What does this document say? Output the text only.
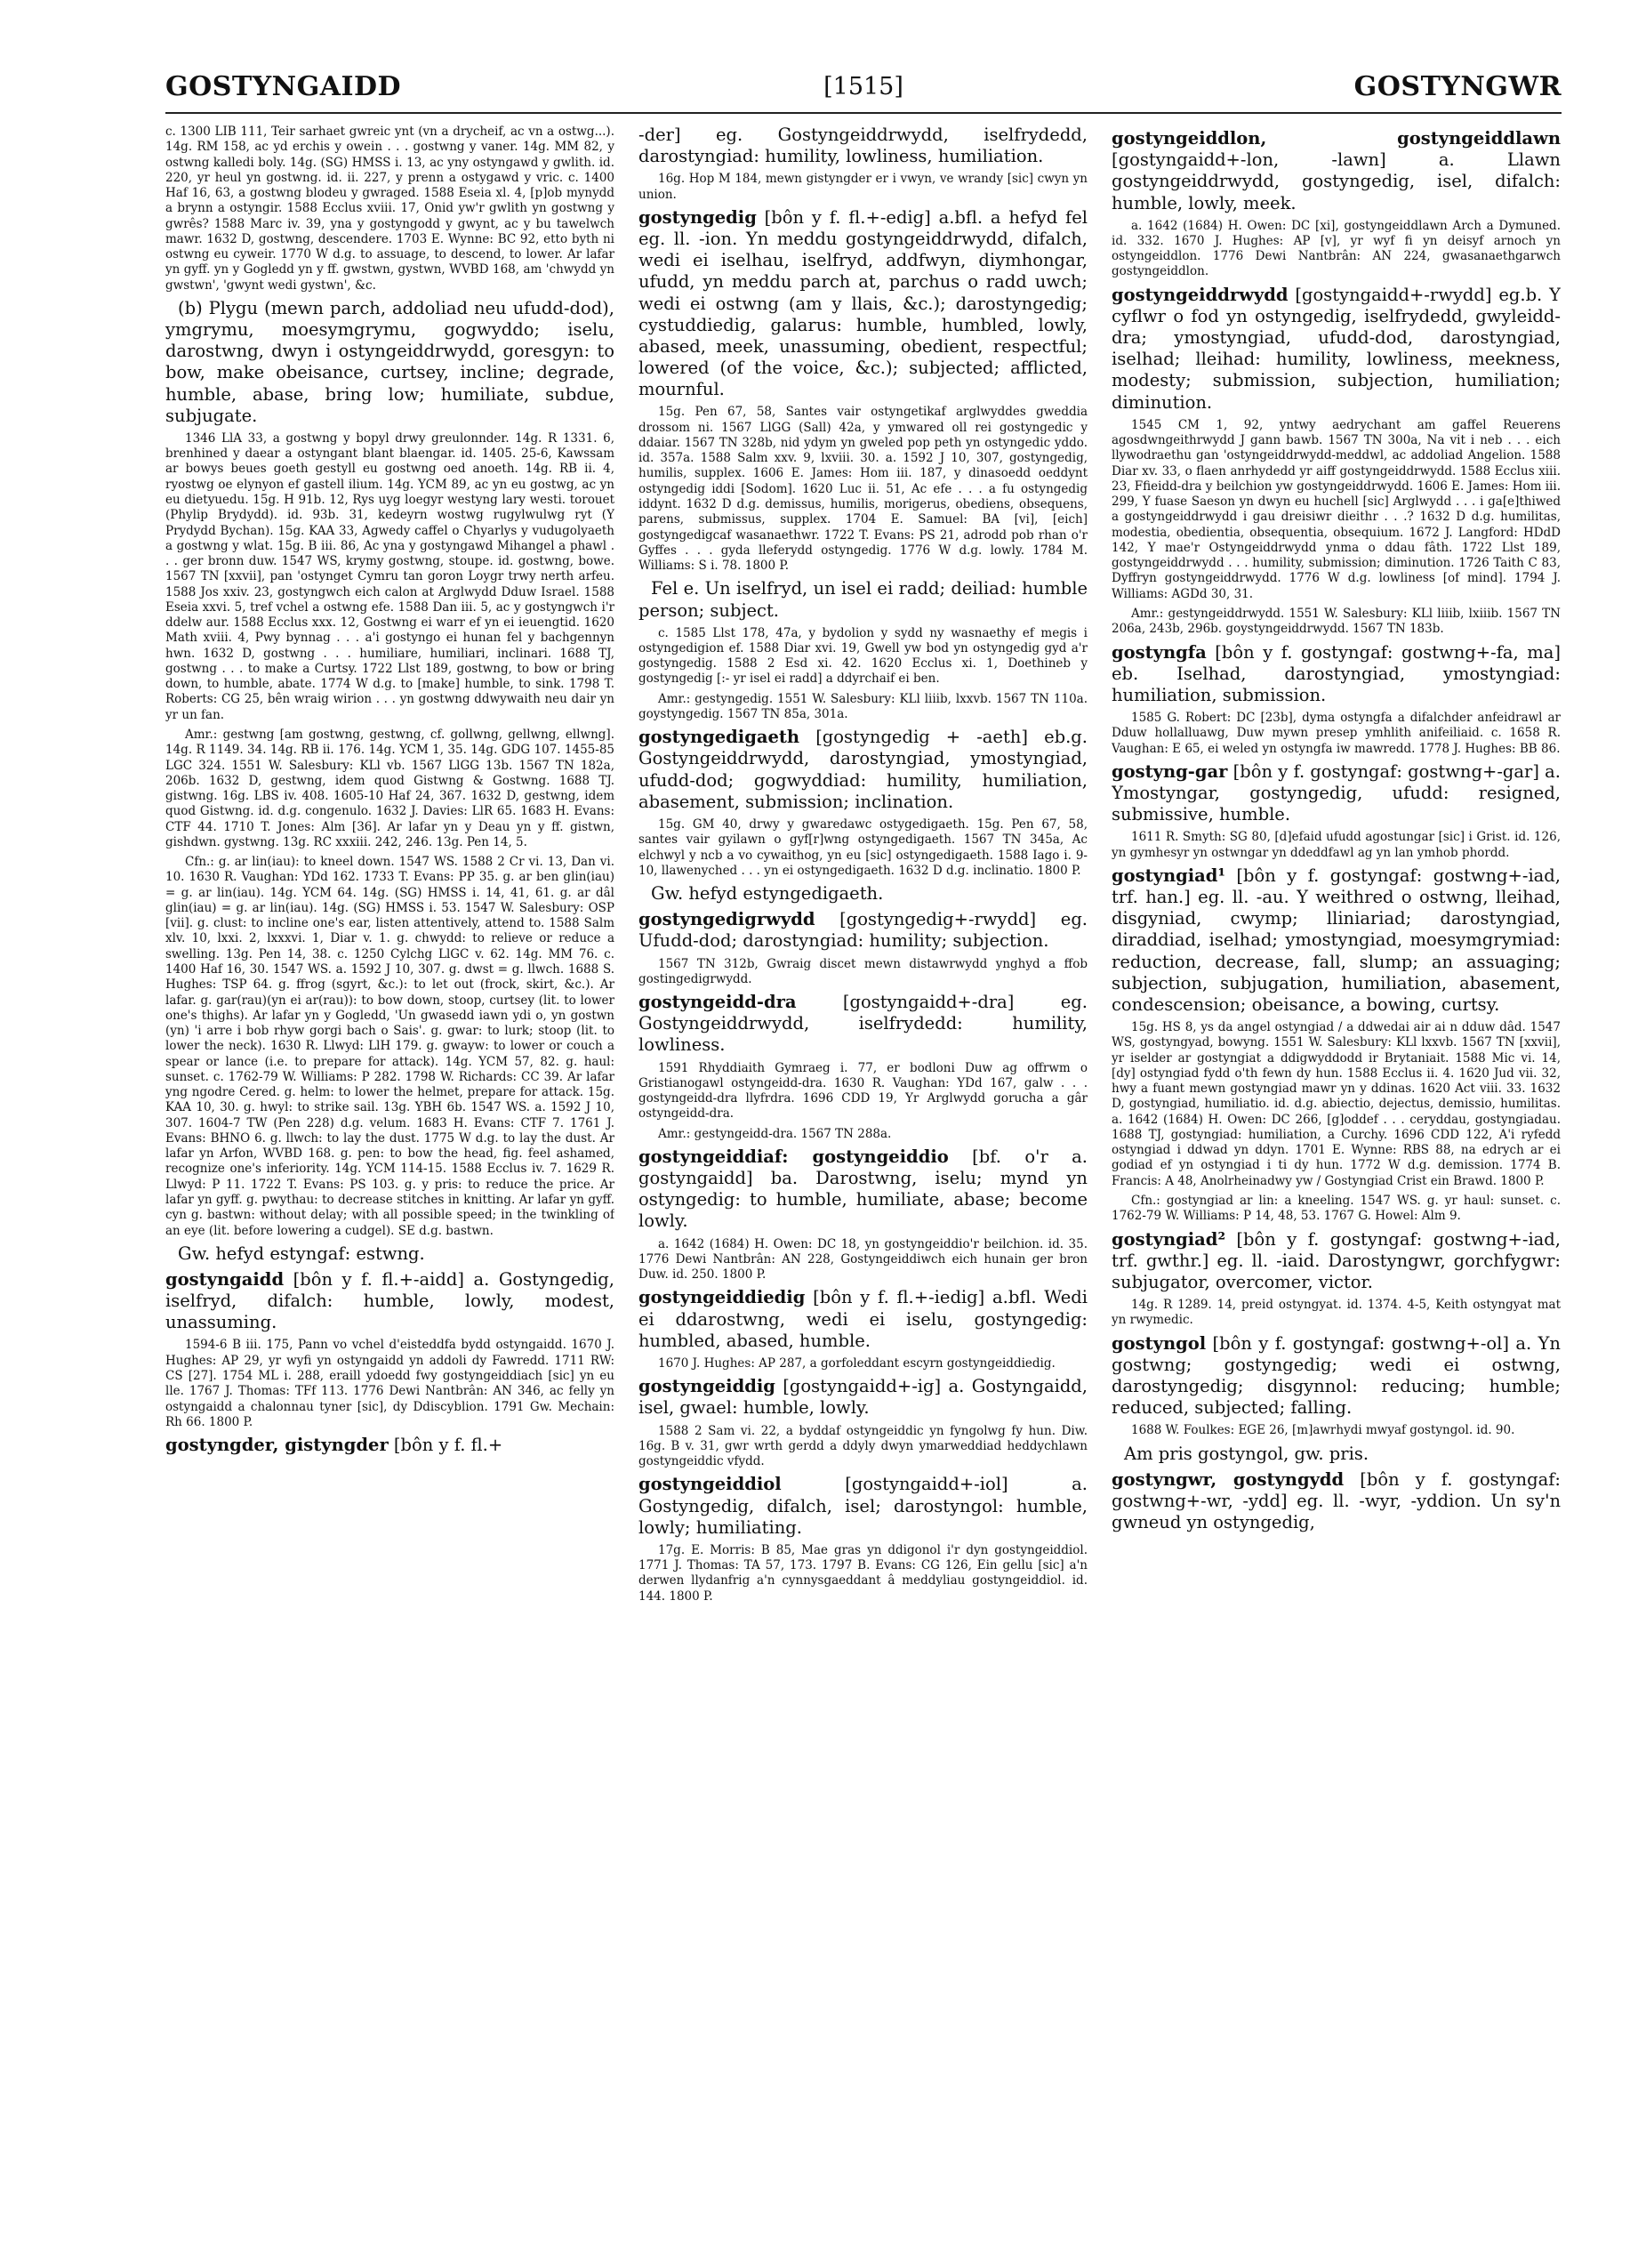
GOSTYNGAIDD	[1515]	GOSTYNGWR

c. 1300 LIB 111, Teir sarhaet gwreic ynt (vn a drycheif, ac vn a ostwg...). 14g. RM 158, ac yd erchis y owein . . . gostwng y vaner. 14g. MM 82, y ostwng kalledi boly. 14g. (SG) HMSS i. 13, ac yny ostyngawd y gwlith. id. 220, yr heul yn gostwng. id. ii. 227, y prenn a ostygawd y vric. c. 1400 Haf 16, 63, a gostwng blodeu y gwraged. 1588 Eseia xl. 4, [p]ob mynydd a brynn a ostyngir. 1588 Ecclus xviii. 17, Onid yw'r gwlith yn gostwng y gwrês? 1588 Marc iv. 39, yna y gostyngodd y gwynt, ac y bu tawelwch mawr. 1632 D, gostwng, descendere. 1703 E. Wynne: BC 92, etto byth ni ostwng eu cyweir. 1770 W d.g. to assuage, to descend, to lower. Ar lafar yn gyff. yn y Gogledd yn y ff. gwstwn, gystwn, WVBD 168, am 'chwydd yn gwstwn', 'gwynt wedi gystwn', &c.

(b) Plygu (mewn parch, addoliad neu ufudd-dod), ymgrymu, moesymgrymu, gogwyddo; iselu, darostwng, dwyn i ostyngeiddrwydd, goresgyn: to bow, make obeisance, curtsey, incline; degrade, humble, abase, bring low; humiliate, subdue, subjugate.

1346 LlA 33, a gostwng y bopyl drwy greulonnder. 14g. R 1331. 6, brenhined y daear a ostyngant blant blaengar. id. 1405. 25-6, Kawssam ar bowys beues goeth gestyll eu gostwng oed anoeth. 14g. RB ii. 4, ryostwg oe elynyon ef gastell ilium. 14g. YCM 89, ac yn eu gostwg, ac yn eu dietyuedu. 15g. H 91b. 12, Rys uyg loegyr westyng lary westi. torouet (Phylip Brydydd). id. 93b. 31, kedeyrn wostwg rugylwulwg ryt (Y Prydydd Bychan). 15g. KAA 33, Agwedy caffel o Chyarlys y vudugolyaeth a gostwng y wlat. 15g. B iii. 86, Ac yna y gostyngawd Mihangel a phawl . . . ger bronn duw. 1547 WS, krymy gostwng, stoupe. id. gostwng, bowe. 1567 TN [xxvii], pan 'ostynget Cymru tan goron Loygr trwy nerth arfeu. 1588 Jos xxiv. 23, gostyngwch eich calon at Arglwydd Dduw Israel. 1588 Eseia xxvi. 5, tref vchel a ostwng efe. 1588 Dan iii. 5, ac y gostyngwch i'r ddelw aur. 1588 Ecclus xxx. 12, Gostwng ei warr ef yn ei ieuengtid. 1620 Math xviii. 4, Pwy bynnag . . . a'i gostyngo ei hunan fel y bachgennyn hwn. 1632 D, gostwng . . . humiliare, humiliari, inclinari. 1688 TJ, gostwng . . . to make a Curtsy. 1722 Llst 189, gostwng, to bow or bring down, to humble, abate. 1774 W d.g. to [make] humble, to sink. 1798 T. Roberts: CG 25, bên wraig wirion . . . yn gostwng ddwywaith neu dair yn yr un fan.

Amr.: gestwng [am gostwng, gestwng, cf. gollwng, gellwng, ellwng]. 14g. R 1149. 34. 14g. RB ii. 176. 14g. YCM 1, 35. 14g. GDG 107. 1455-85 LGC 324. 1551 W. Salesbury: KLl vb. 1567 LlGG 13b. 1567 TN 182a, 206b. 1632 D, gestwng, idem quod Gistwng & Gostwng. 1688 TJ. gistwng. 16g. LBS iv. 408. 1605-10 Haf 24, 367. 1632 D, gestwng, idem quod Gistwng. id. d.g. congenulo. 1632 J. Davies: LlR 65. 1683 H. Evans: CTF 44. 1710 T. Jones: Alm [36]. Ar lafar yn y Deau yn y ff. gistwn, gishdwn. gystwng. 13g. RC xxxiii. 242, 246. 13g. Pen 14, 5.

Cfn.: g. ar lin(iau): to kneel down. 1547 WS. 1588 2 Cr vi. 13, Dan vi. 10. 1630 R. Vaughan: YDd 162. 1733 T. Evans: PP 35. g. ar ben glin(iau) = g. ar lin(iau). 14g. YCM 64. 14g. (SG) HMSS i. 14, 41, 61. g. ar dâl glin(iau) = g. ar lin(iau). 14g. (SG) HMSS i. 53. 1547 W. Salesbury: OSP [vii]. g. clust: to incline one's ear, listen attentively, attend to. 1588 Salm xlv. 10, lxxi. 2, lxxxvi. 1, Diar v. 1. g. chwydd: to relieve or reduce a swelling. 13g. Pen 14, 38. c. 1250 Cylchg LlGC v. 62. 14g. MM 76. c. 1400 Haf 16, 30. 1547 WS. a. 1592 J 10, 307. g. dwst = g. llwch. 1688 S. Hughes: TSP 64. g. ffrog (sgyrt, &c.): to let out (frock, skirt, &c.). Ar lafar. g. gar(rau)(yn ei ar(rau)): to bow down, stoop, curtsey (lit. to lower one's thighs). Ar lafar yn y Gogledd, 'Un gwasedd iawn ydi o, yn gostwn (yn) 'i arre i bob rhyw gorgi bach o Sais'. g. gwar: to lurk; stoop (lit. to lower the neck). 1630 R. Llwyd: LlH 179. g. gwayw: to lower or couch a spear or lance (i.e. to prepare for attack). 14g. YCM 57, 82. g. haul: sunset. c. 1762-79 W. Williams: P 282. 1798 W. Richards: CC 39. Ar lafar yng ngodre Cered. g. helm: to lower the helmet, prepare for attack. 15g. KAA 10, 30. g. hwyl: to strike sail. 13g. YBH 6b. 1547 WS. a. 1592 J 10, 307. 1604-7 TW (Pen 228) d.g. velum. 1683 H. Evans: CTF 7. 1761 J. Evans: BHNO 6. g. llwch: to lay the dust. 1775 W d.g. to lay the dust. Ar lafar yn Arfon, WVBD 168. g. pen: to bow the head, fig. feel ashamed, recognize one's inferiority. 14g. YCM 114-15. 1588 Ecclus iv. 7. 1629 R. Llwyd: P 11. 1722 T. Evans: PS 103. g. y pris: to reduce the price. Ar lafar yn gyff. g. pwythau: to decrease stitches in knitting. Ar lafar yn gyff. cyn g. bastwn: without delay; with all possible speed; in the twinkling of an eye (lit. before lowering a cudgel). SE d.g. bastwn.

Gw. hefyd estyngaf: estwng.

gostyngaidd [bôn y f. fl.+-aidd] a. Gostyngedig, iselfryd, difalch: humble, lowly, modest, unassuming.

1594-6 B iii. 175, Pann vo vchel d'eisteddfa bydd ostyngaidd. 1670 J. Hughes: AP 29, yr wyfi yn ostyngaidd yn addoli dy Fawredd. 1711 RW: CS [27]. 1754 ML i. 288, eraill ydoedd fwy gostyngeiddiach [sic] yn eu lle. 1767 J. Thomas: TFf 113. 1776 Dewi Nantbrân: AN 346, ac felly yn ostyngaidd a chalonnau tyner [sic], dy Ddiscyblion. 1791 Gw. Mechain: Rh 66. 1800 P.

gostyngder, gistyngder [bôn y f. fl.+

-der] eg. Gostyngeiddrwydd, iselfrydedd, darostyngiad: humility, lowliness, humiliation.

16g. Hop M 184, mewn gistyngder er i vwyn, ve wrandy [sic] cwyn yn union.

gostyngedig [bôn y f. fl.+-edig] a.bfl. a hefyd fel eg. ll. -ion. Yn meddu gostyngeiddrwydd, difalch, wedi ei iselhau, iselfryd, addfwyn, diymhongar, ufudd, yn meddu parch at, parchus o radd uwch; wedi ei ostwng (am y llais, &c.); darostyngedig; cystuddiedig, galarus: humble, humbled, lowly, abased, meek, unassuming, obedient, respectful; lowered (of the voice, &c.); subjected; afflicted, mournful.

15g. Pen 67, 58, Santes vair ostyngetikaf arglwyddes gweddia drossom ni. 1567 LlGG (Sall) 42a, y ymwared oll rei gostyngedic y ddaiar. 1567 TN 328b, nid ydym yn gweled pop peth yn ostyngedic yddo. id. 357a. 1588 Salm xxv. 9, lxviii. 30. a. 1592 J 10, 307, gostyngedig, humilis, supplex. 1606 E. James: Hom iii. 187, y dinasoedd oeddynt ostyngedig iddi [Sodom]. 1620 Luc ii. 51, Ac efe . . . a fu ostyngedig iddynt. 1632 D d.g. demissus, humilis, morigerus, obediens, obsequens, parens, submissus, supplex. 1704 E. Samuel: BA [vi], [eich] gostyngedigcaf wasanaethwr. 1722 T. Evans: PS 21, adrodd pob rhan o'r Gyffes . . . gyda lleferydd ostyngedig. 1776 W d.g. lowly. 1784 M. Williams: S i. 78. 1800 P.

Fel e. Un iselfryd, un isel ei radd; deiliad: humble person; subject.

c. 1585 Llst 178, 47a, y bydolion y sydd ny wasnaethy ef megis i ostyngedigion ef. 1588 Diar xvi. 19, Gwell yw bod yn ostyngedig gyd a'r gostyngedig. 1588 2 Esd xi. 42. 1620 Ecclus xi. 1, Doethineb y gostyngedig [:- yr isel ei radd] a ddyrchaif ei ben.

Amr.: gestyngedig. 1551 W. Salesbury: KLl liiib, lxxvb. 1567 TN 110a. goystyngedig. 1567 TN 85a, 301a.

gostyngedigaeth [gostyngedig + -aeth] eb.g. Gostyngeiddrwydd, darostyngiad, ymostyngiad, ufudd-dod; gogwyddiad: humility, humiliation, abasement, submission; inclination.

15g. GM 40, drwy y gwaredawc ostygedigaeth. 15g. Pen 67, 58, santes vair gyilawn o gyf[r]wng ostyngedigaeth. 1567 TN 345a, Ac elchwyl y ncb a vo cywaithog, yn eu [sic] ostyngedigaeth. 1588 Iago i. 9-10, llawenyched . . . yn ei ostyngedigaeth. 1632 D d.g. inclinatio. 1800 P.

Gw. hefyd estyngedigaeth.

gostyngedigrwydd [gostyngedig+-rwydd] eg. Ufudd-dod; darostyngiad: humility; subjection.

1567 TN 312b, Gwraig discet mewn distawrwydd ynghyd a ffob gostingedigrwydd.

gostyngeidd-dra [gostyngaidd+-dra] eg. Gostyngeiddrwydd, iselfrydedd: humility, lowliness.

1591 Rhyddiaith Gymraeg i. 77, er bodloni Duw ag offrwm o Gristianogawl ostyngeidd-dra. 1630 R. Vaughan: YDd 167, galw . . . gostyngeidd-dra llyfrdra. 1696 CDD 19, Yr Arglwydd gorucha a gâr ostyngeidd-dra.

Amr.: gestyngeidd-dra. 1567 TN 288a.

gostyngeiddiaf: gostyngeiddio [bf. o'r a. gostyngaidd] ba. Darostwng, iselu; mynd yn ostyngedig: to humble, humiliate, abase; become lowly.

a. 1642 (1684) H. Owen: DC 18, yn gostyngeiddio'r beilchion. id. 35. 1776 Dewi Nantbrân: AN 228, Gostyngeiddiwch eich hunain ger bron Duw. id. 250. 1800 P.

gostyngeiddiedig [bôn y f. fl.+-iedig] a.bfl. Wedi ei ddarostwng, wedi ei iselu, gostyngedig: humbled, abased, humble.

1670 J. Hughes: AP 287, a gorfoleddant escyrn gostyngeiddiedig.

gostyngeiddig [gostyngaidd+-ig] a. Gostyngaidd, isel, gwael: humble, lowly.

1588 2 Sam vi. 22, a byddaf ostyngeiddic yn fyngolwg fy hun. Diw. 16g. B v. 31, gwr wrth gerdd a ddyly dwyn ymarweddiad heddychlawn gostyngeiddic vfydd.

gostyngeiddiol [gostyngaidd+-iol] a. Gostyngedig, difalch, isel; darostyngol: humble, lowly; humiliating.

17g. E. Morris: B 85, Mae gras yn ddigonol i'r dyn gostyngeiddiol. 1771 J. Thomas: TA 57, 173. 1797 B. Evans: CG 126, Ein gellu [sic] a'n derwen llydanfrig a'n cynnysgaeddant â meddyliau gostyngeiddiol. id. 144. 1800 P.

gostyngeiddlon, gostyngeiddlawn [gostyngaidd+-lon, -lawn] a. Llawn gostyngeiddrwydd, gostyngedig, isel, difalch: humble, lowly, meek.

a. 1642 (1684) H. Owen: DC [xi], gostyngeiddlawn Arch a Dymuned. id. 332. 1670 J. Hughes: AP [v], yr wyf fi yn deisyf arnoch yn ostyngeiddlon. 1776 Dewi Nantbrân: AN 224, gwasanaethgarwch gostyngeiddlon.

gostyngeiddrwydd [gostyngaidd+-rwydd] eg.b. Y cyflwr o fod yn ostyngedig, iselfrydedd, gwyleidd-dra; ymostyngiad, ufudd-dod, darostyngiad, iselhad; lleihad: humility, lowliness, meekness, modesty; submission, subjection, humiliation; diminution.

1545 CM 1, 92, yntwy aedrychant am gaffel Reuerens agosdwngeithrwydd J gann bawb. 1567 TN 300a, Na vit i neb . . . eich llywodraethu gan 'ostyngeiddrwydd-meddwl, ac addoliad Angelion. 1588 Diar xv. 33, o flaen anrhydedd yr aiff gostyngeiddrwydd. 1588 Ecclus xiii. 23, Ffieidd-dra y beilchion yw gostyngeiddrwydd. 1606 E. James: Hom iii. 299, Y fuase Saeson yn dwyn eu huchell [sic] Arglwydd . . . i ga[e]thiwed a gostyngeiddrwydd i gau dreisiwr dieithr . . .? 1632 D d.g. humilitas, modestia, obedientia, obsequentia, obsequium. 1672 J. Langford: HDdD 142, Y mae'r Ostyngeiddrwydd ynma o ddau fâth. 1722 Llst 189, gostyngeiddrwydd . . . humility, submission; diminution. 1726 Taith C 83, Dyffryn gostyngeiddrwydd. 1776 W d.g. lowliness [of mind]. 1794 J. Williams: AGDd 30, 31.

Amr.: gestyngeiddrwydd. 1551 W. Salesbury: KLl liiib, lxiiib. 1567 TN 206a, 243b, 296b. goystyngeiddrwydd. 1567 TN 183b.

gostyngfa [bôn y f. gostyngaf: gostwng+-fa, ma] eb. Iselhad, darostyngiad, ymostyngiad: humiliation, submission.

1585 G. Robert: DC [23b], dyma ostyngfa a difalchder anfeidrawl ar Dduw hollalluawg, Duw mywn presep ymhlith anifeiliaid. c. 1658 R. Vaughan: E 65, ei weled yn ostyngfa iw mawredd. 1778 J. Hughes: BB 86.

gostyng-gar [bôn y f. gostyngaf: gostwng+-gar] a. Ymostyngar, gostyngedig, ufudd: resigned, submissive, humble.

1611 R. Smyth: SG 80, [d]efaid ufudd agostungar [sic] i Grist. id. 126, yn gymhesyr yn ostwngar yn ddeddfawl ag yn lan ymhob phordd.

gostyngiad¹ [bôn y f. gostyngaf: gostwng+-iad, trf. han.] eg. ll. -au. Y weithred o ostwng, lleihad, disgyniad, cwymp; lliniariad; darostyngiad, diraddiad, iselhad; ymostyngiad, moesymgrymiad: reduction, decrease, fall, slump; an assuaging; subjection, subjugation, humiliation, abasement, condescension; obeisance, a bowing, curtsy.

15g. HS 8, ys da angel ostyngiad / a ddwedai air ai n dduw dâd. 1547 WS, gostyngyad, bowyng. 1551 W. Salesbury: KLl lxxvb. 1567 TN [xxvii], yr iselder ar gostyngiat a ddigwyddodd ir Brytaniait. 1588 Mic vi. 14, [dy] ostyngiad fydd o'th fewn dy hun. 1588 Ecclus ii. 4. 1620 Jud vii. 32, hwy a fuant mewn gostyngiad mawr yn y ddinas. 1620 Act viii. 33. 1632 D, gostyngiad, humiliatio. id. d.g. abiectio, dejectus, demissio, humilitas. a. 1642 (1684) H. Owen: DC 266, [g]oddef . . . ceryddau, gostyngiadau. 1688 TJ, gostyngiad: humiliation, a Curchy. 1696 CDD 122, A'i ryfedd ostyngiad i ddwad yn ddyn. 1701 E. Wynne: RBS 88, na edrych ar ei godiad ef yn ostyngiad i ti dy hun. 1772 W d.g. demission. 1774 B. Francis: A 48, Anolrheinadwy yw / Gostyngiad Crist ein Brawd. 1800 P.

Cfn.: gostyngiad ar lin: a kneeling. 1547 WS. g. yr haul: sunset. c. 1762-79 W. Williams: P 14, 48, 53. 1767 G. Howel: Alm 9.

gostyngiad² [bôn y f. gostyngaf: gostwng+-iad, trf. gwthr.] eg. ll. -iaid. Darostyngwr, gorchfygwr: subjugator, overcomer, victor.

14g. R 1289. 14, preid ostyngyat. id. 1374. 4-5, Keith ostyngyat mat yn rwymedic.

gostyngol [bôn y f. gostyngaf: gostwng+-ol] a. Yn gostwng; gostyngedig; wedi ei ostwng, darostyngedig; disgynnol: reducing; humble; reduced, subjected; falling.

1688 W. Foulkes: EGE 26, [m]awrhydi mwyaf gostyngol. id. 90.

Am pris gostyngol, gw. pris.

gostyngwr, gostyngydd [bôn y f. gostyngaf: gostwng+-wr, -ydd] eg. ll. -wyr, -yddion. Un sy'n gwneud yn ostyngedig,
